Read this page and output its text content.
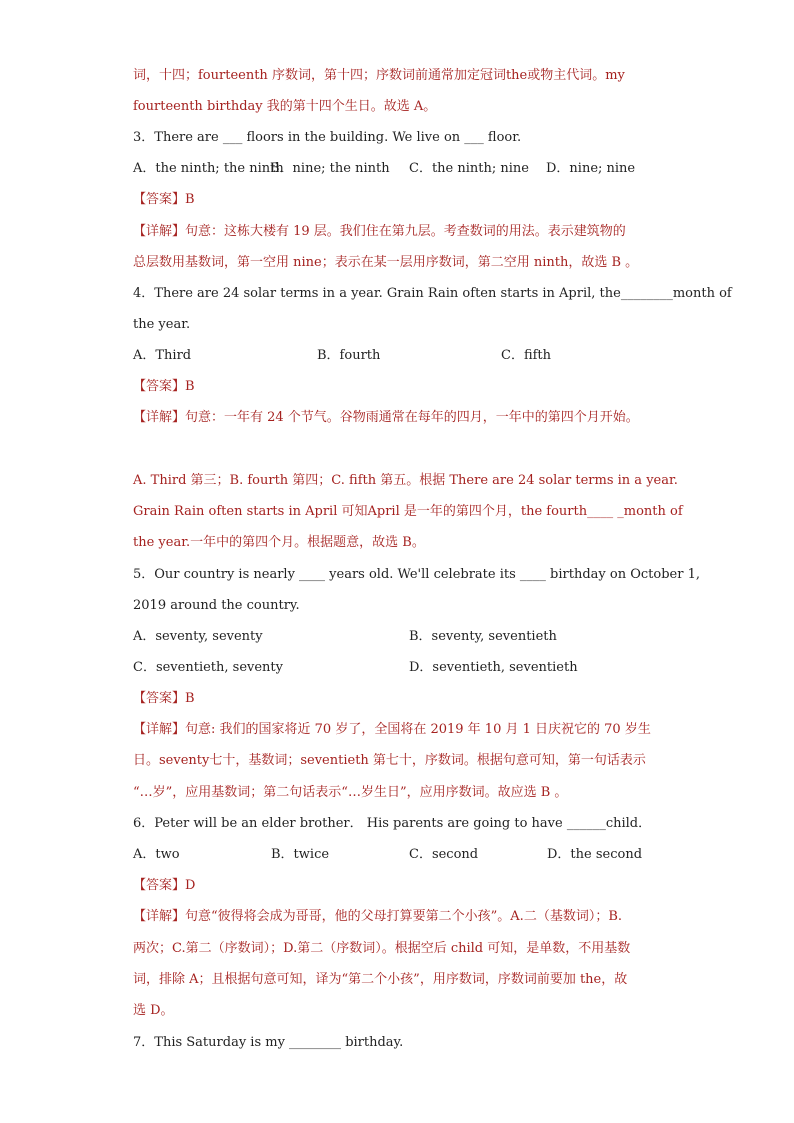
词，十四；fourteenth 序数词，第十四；序数词前通常加定冠词the或物主代词。my
fourteenth birthday 我的第十四个生日。故选 A。
3．There are ___ floors in the building. We live on ___ floor.
A．the ninth; the ninth
B．nine; the ninth C．the ninth; nine D．nine; nine
【答案】B
【详解】句意：这栋大楼有 19 层。我们住在第九层。考查数词的用法。表示建筑物的
总层数用基数词，第一空用 nine；表示在某一层用序数词，第二空用 ninth，故选 B 。
4．There are 24 solar terms in a year. Grain Rain often starts in April, the________month of
the year.
A．Third	B．fourth	C．fifth
【答案】B
【详解】句意：一年有 24 个节气。谷物雨通常在每年的四月，一年中的第四个月开始。
A. Third 第三；B. fourth 第四；C. fifth 第五。根据 There are 24 solar terms in a year.
Grain Rain often starts in April 可知April 是一年的第四个月，the fourth____ _month of
the year.一年中的第四个月。根据题意，故选 B。
5．Our country is nearly ____ years old. We'll celebrate its ____ birthday on October 1,
2019 around the country.
A．seventy, seventy	B．seventy, seventieth
C．seventieth, seventy	D．seventieth, seventieth
【答案】B
【详解】句意: 我们的国家将近 70 岁了，全国将在 2019 年 10 月 1 日庆祝它的 70 岁生
日。seventy七十，基数词；seventieth 第七十，序数词。根据句意可知，第一句话表示
“…岁”，应用基数词；第二句话表示“…岁生日”，应用序数词。故应选 B 。
6．Peter will be an elder brother． His parents are going to have ______child．
A．two	B．twice	C．second	D．the second
【答案】D
【详解】句意“彼得将会成为哥哥，他的父母打算要第二个小孩”。A.二（基数词）；B.
两次；C.第二（序数词）；D.第二（序数词）。根据空后 child 可知，是单数，不用基数
词，排除 A；且根据句意可知，译为“第二个小孩”，用序数词，序数词前要加 the，故
选 D。
7．This Saturday is my ________ birthday.
